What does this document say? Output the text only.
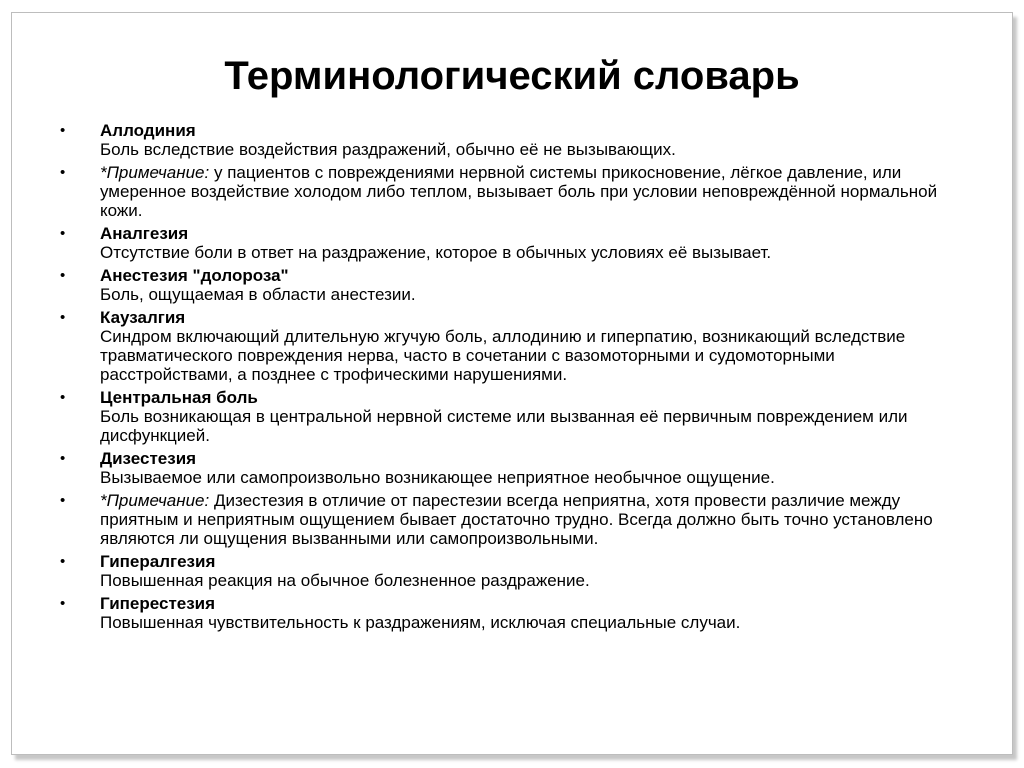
Терминологический словарь
• Аллодиния
Боль вследствие воздействия раздражений, обычно её не вызывающих.
• *Примечание: у пациентов с повреждениями нервной системы прикосновение, лёгкое давление, или умеренное воздействие холодом либо теплом, вызывает боль при условии неповреждённой нормальной кожи.
• Аналгезия
Отсутствие боли в ответ на раздражение, которое в обычных условиях её вызывает.
• Анестезия "долороза"
Боль, ощущаемая в области анестезии.
• Каузалгия
Синдром включающий длительную жгучую боль, аллодинию и гиперпатию, возникающий вследствие травматического повреждения нерва, часто в сочетании с вазомоторными и судомоторными расстройствами, а позднее с трофическими нарушениями.
• Центральная боль
Боль возникающая в центральной нервной системе или вызванная её первичным повреждением или дисфункцией.
• Дизестезия
Вызываемое или самопроизвольно возникающее неприятное необычное ощущение.
• *Примечание: Дизестезия в отличие от парестезии всегда неприятна, хотя провести различие между приятным и неприятным ощущением бывает достаточно трудно. Всегда должно быть точно установлено являются ли ощущения вызванными или самопроизвольными.
• Гипералгезия
Повышенная реакция на обычное болезненное раздражение.
• Гиперестезия
Повышенная чувствительность к раздражениям, исключая специальные случаи.
